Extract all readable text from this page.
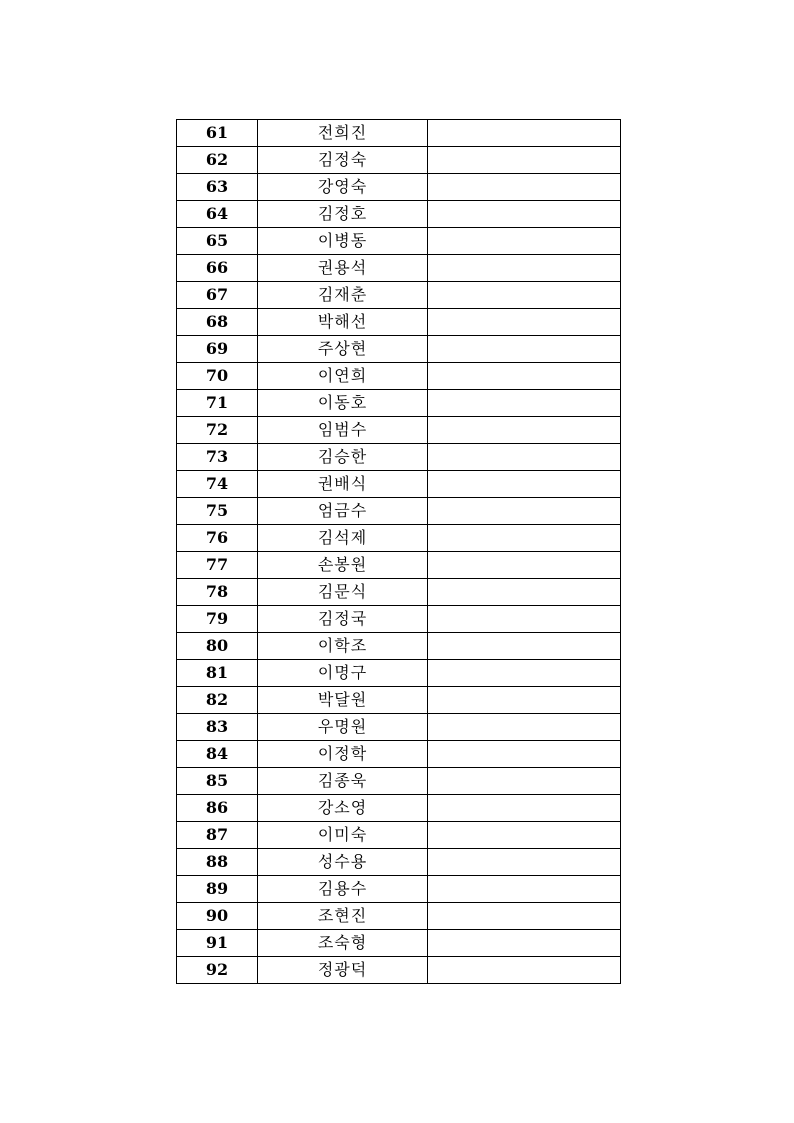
61	전희진	
62	김정숙	
63	강영숙	
64	김정호	
65	이병동	
66	권용석	
67	김재춘	
68	박해선	
69	주상현	
70	이연희	
71	이동호	
72	임범수	
73	김승한	
74	권배식	
75	엄금수	
76	김석제	
77	손봉원	
78	김문식	
79	김정국	
80	이학조	
81	이명구	
82	박달원	
83	우명원	
84	이정학	
85	김종욱	
86	강소영	
87	이미숙	
88	성수용	
89	김용수	
90	조현진	
91	조숙형	
92	정광덕	
